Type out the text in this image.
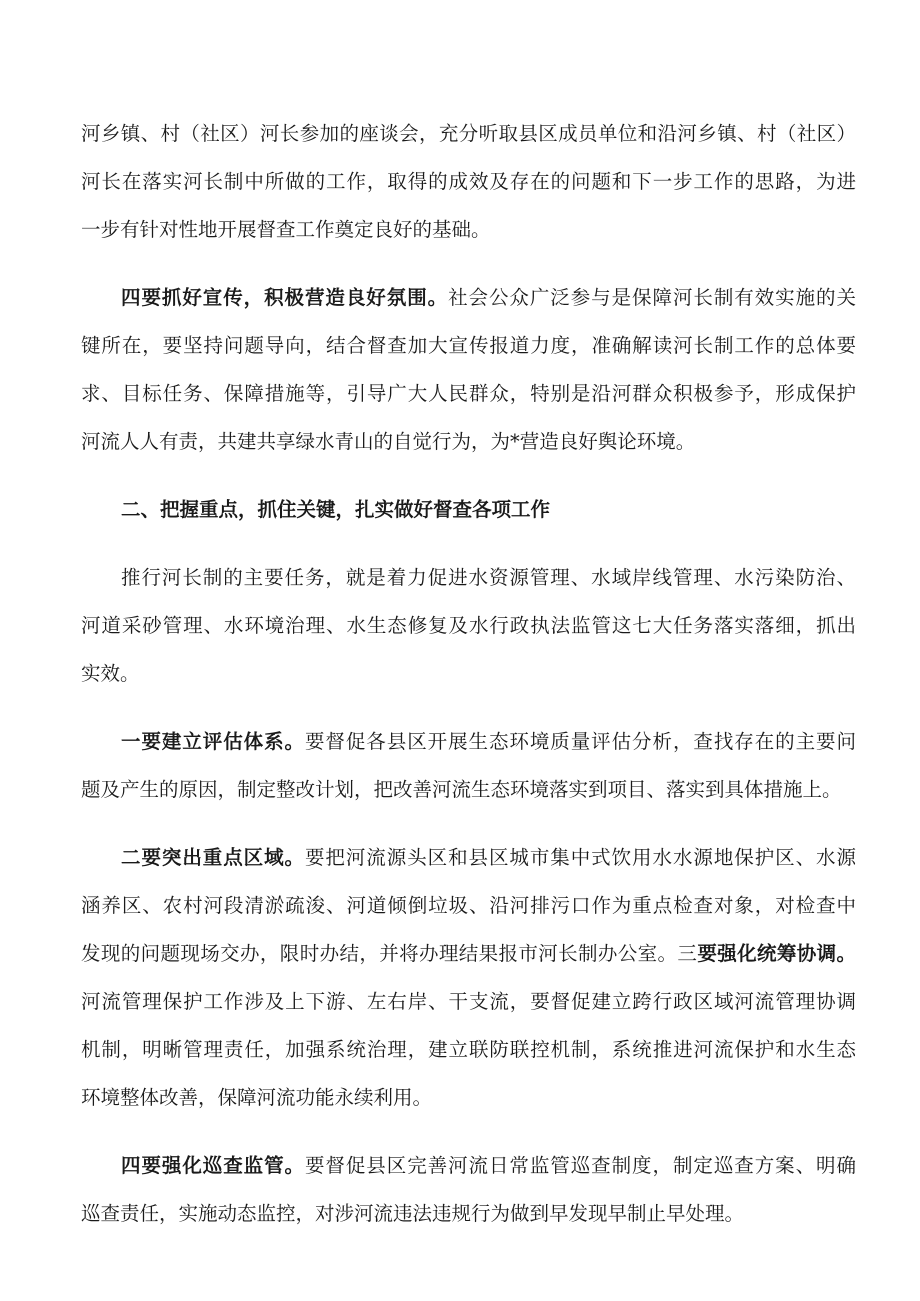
河乡镇、村（社区）河长参加的座谈会，充分听取县区成员单位和沿河乡镇、村（社区）
河长在落实河长制中所做的工作，取得的成效及存在的问题和下一步工作的思路，为进
一步有针对性地开展督查工作奠定良好的基础。
四要抓好宣传，积极营造良好氛围。社会公众广泛参与是保障河长制有效实施的关
键所在，要坚持问题导向，结合督查加大宣传报道力度，准确解读河长制工作的总体要
求、目标任务、保障措施等，引导广大人民群众，特别是沿河群众积极参予，形成保护
河流人人有责，共建共享绿水青山的自觉行为，为*营造良好舆论环境。
二、把握重点，抓住关键，扎实做好督查各项工作
推行河长制的主要任务，就是着力促进水资源管理、水域岸线管理、水污染防治、
河道采砂管理、水环境治理、水生态修复及水行政执法监管这七大任务落实落细，抓出
实效。
一要建立评估体系。要督促各县区开展生态环境质量评估分析，查找存在的主要问
题及产生的原因，制定整改计划，把改善河流生态环境落实到项目、落实到具体措施上。
二要突出重点区域。要把河流源头区和县区城市集中式饮用水水源地保护区、水源
涵养区、农村河段清淤疏浚、河道倾倒垃圾、沿河排污口作为重点检查对象，对检查中
发现的问题现场交办，限时办结，并将办理结果报市河长制办公室。三要强化统筹协调。
河流管理保护工作涉及上下游、左右岸、干支流，要督促建立跨行政区域河流管理协调
机制，明晰管理责任，加强系统治理，建立联防联控机制，系统推进河流保护和水生态
环境整体改善，保障河流功能永续利用。
四要强化巡查监管。要督促县区完善河流日常监管巡查制度，制定巡查方案、明确
巡查责任，实施动态监控，对涉河流违法违规行为做到早发现早制止早处理。
